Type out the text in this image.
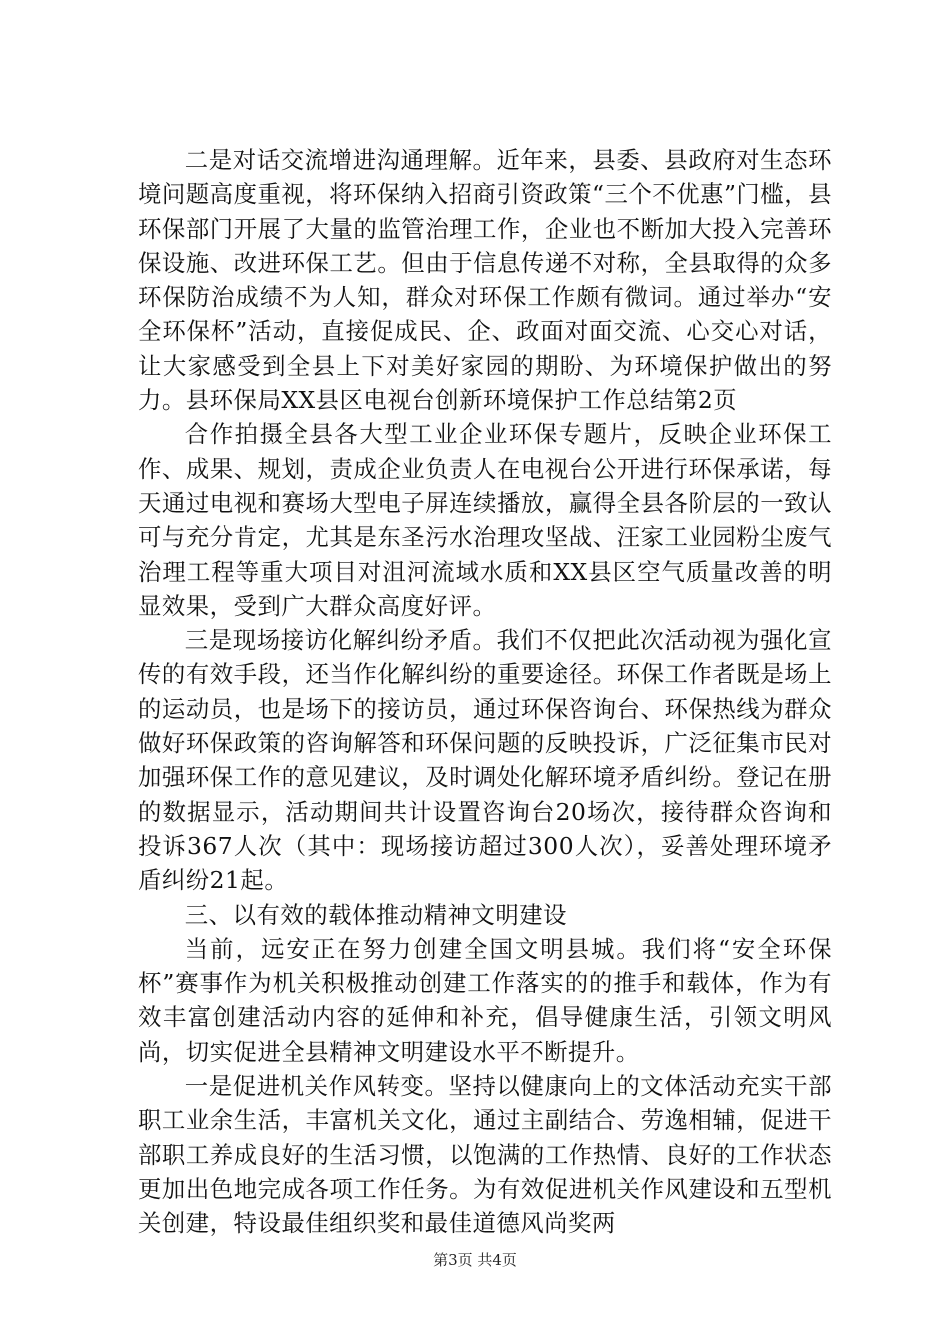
二是对话交流增进沟通理解。近年来，县委、县政府对生态环境问题高度重视，将环保纳入招商引资政策“三个不优惠”门槛，县环保部门开展了大量的监管治理工作，企业也不断加大投入完善环保设施、改进环保工艺。但由于信息传递不对称，全县取得的众多环保防治成绩不为人知，群众对环保工作颇有微词。通过举办“安全环保杯”活动，直接促成民、企、政面对面交流、心交心对话，让大家感受到全县上下对美好家园的期盼、为环境保护做出的努力。县环保局XX县区电视台创新环境保护工作总结第2页

合作拍摄全县各大型工业企业环保专题片，反映企业环保工作、成果、规划，责成企业负责人在电视台公开进行环保承诺，每天通过电视和赛场大型电子屏连续播放，赢得全县各阶层的一致认可与充分肯定，尤其是东圣污水治理攻坚战、汪家工业园粉尘废气治理工程等重大项目对沮河流域水质和XX县区空气质量改善的明显效果，受到广大群众高度好评。

三是现场接访化解纠纷矛盾。我们不仅把此次活动视为强化宣传的有效手段，还当作化解纠纷的重要途径。环保工作者既是场上的运动员，也是场下的接访员，通过环保咨询台、环保热线为群众做好环保政策的咨询解答和环保问题的反映投诉，广泛征集市民对加强环保工作的意见建议，及时调处化解环境矛盾纠纷。登记在册的数据显示，活动期间共计设置咨询台20场次，接待群众咨询和投诉367人次（其中：现场接访超过300人次），妥善处理环境矛盾纠纷21起。

三、以有效的载体推动精神文明建设

当前，远安正在努力创建全国文明县城。我们将“安全环保杯”赛事作为机关积极推动创建工作落实的的推手和载体，作为有效丰富创建活动内容的延伸和补充，倡导健康生活，引领文明风尚，切实促进全县精神文明建设水平不断提升。

一是促进机关作风转变。坚持以健康向上的文体活动充实干部职工业余生活，丰富机关文化，通过主副结合、劳逸相辅，促进干部职工养成良好的生活习惯，以饱满的工作热情、良好的工作状态更加出色地完成各项工作任务。为有效促进机关作风建设和五型机关创建，特设最佳组织奖和最佳道德风尚奖两

第3页 共4页
